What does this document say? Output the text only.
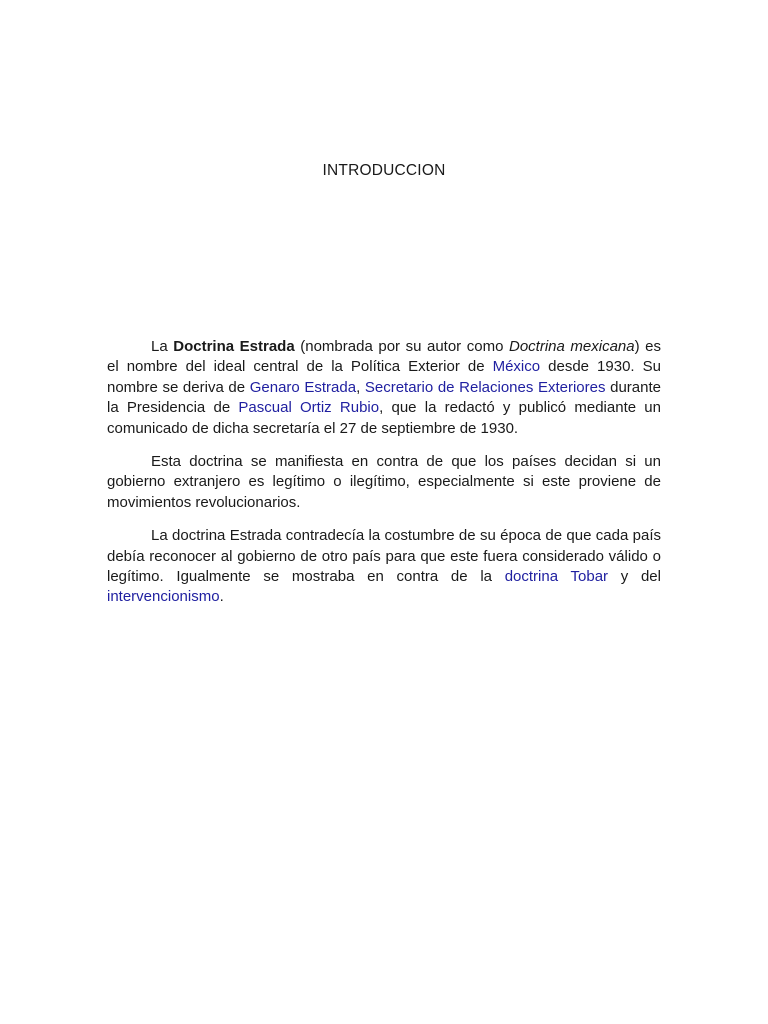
INTRODUCCION

La Doctrina Estrada (nombrada por su autor como Doctrina mexicana) es el nombre del ideal central de la Política Exterior de México desde 1930. Su nombre se deriva de Genaro Estrada, Secretario de Relaciones Exteriores durante la Presidencia de Pascual Ortiz Rubio, que la redactó y publicó mediante un comunicado de dicha secretaría el 27 de septiembre de 1930.

Esta doctrina se manifiesta en contra de que los países decidan si un gobierno extranjero es legítimo o ilegítimo, especialmente si este proviene de movimientos revolucionarios.

La doctrina Estrada contradecía la costumbre de su época de que cada país debía reconocer al gobierno de otro país para que este fuera considerado válido o legítimo. Igualmente se mostraba en contra de la doctrina Tobar y del intervencionismo.
